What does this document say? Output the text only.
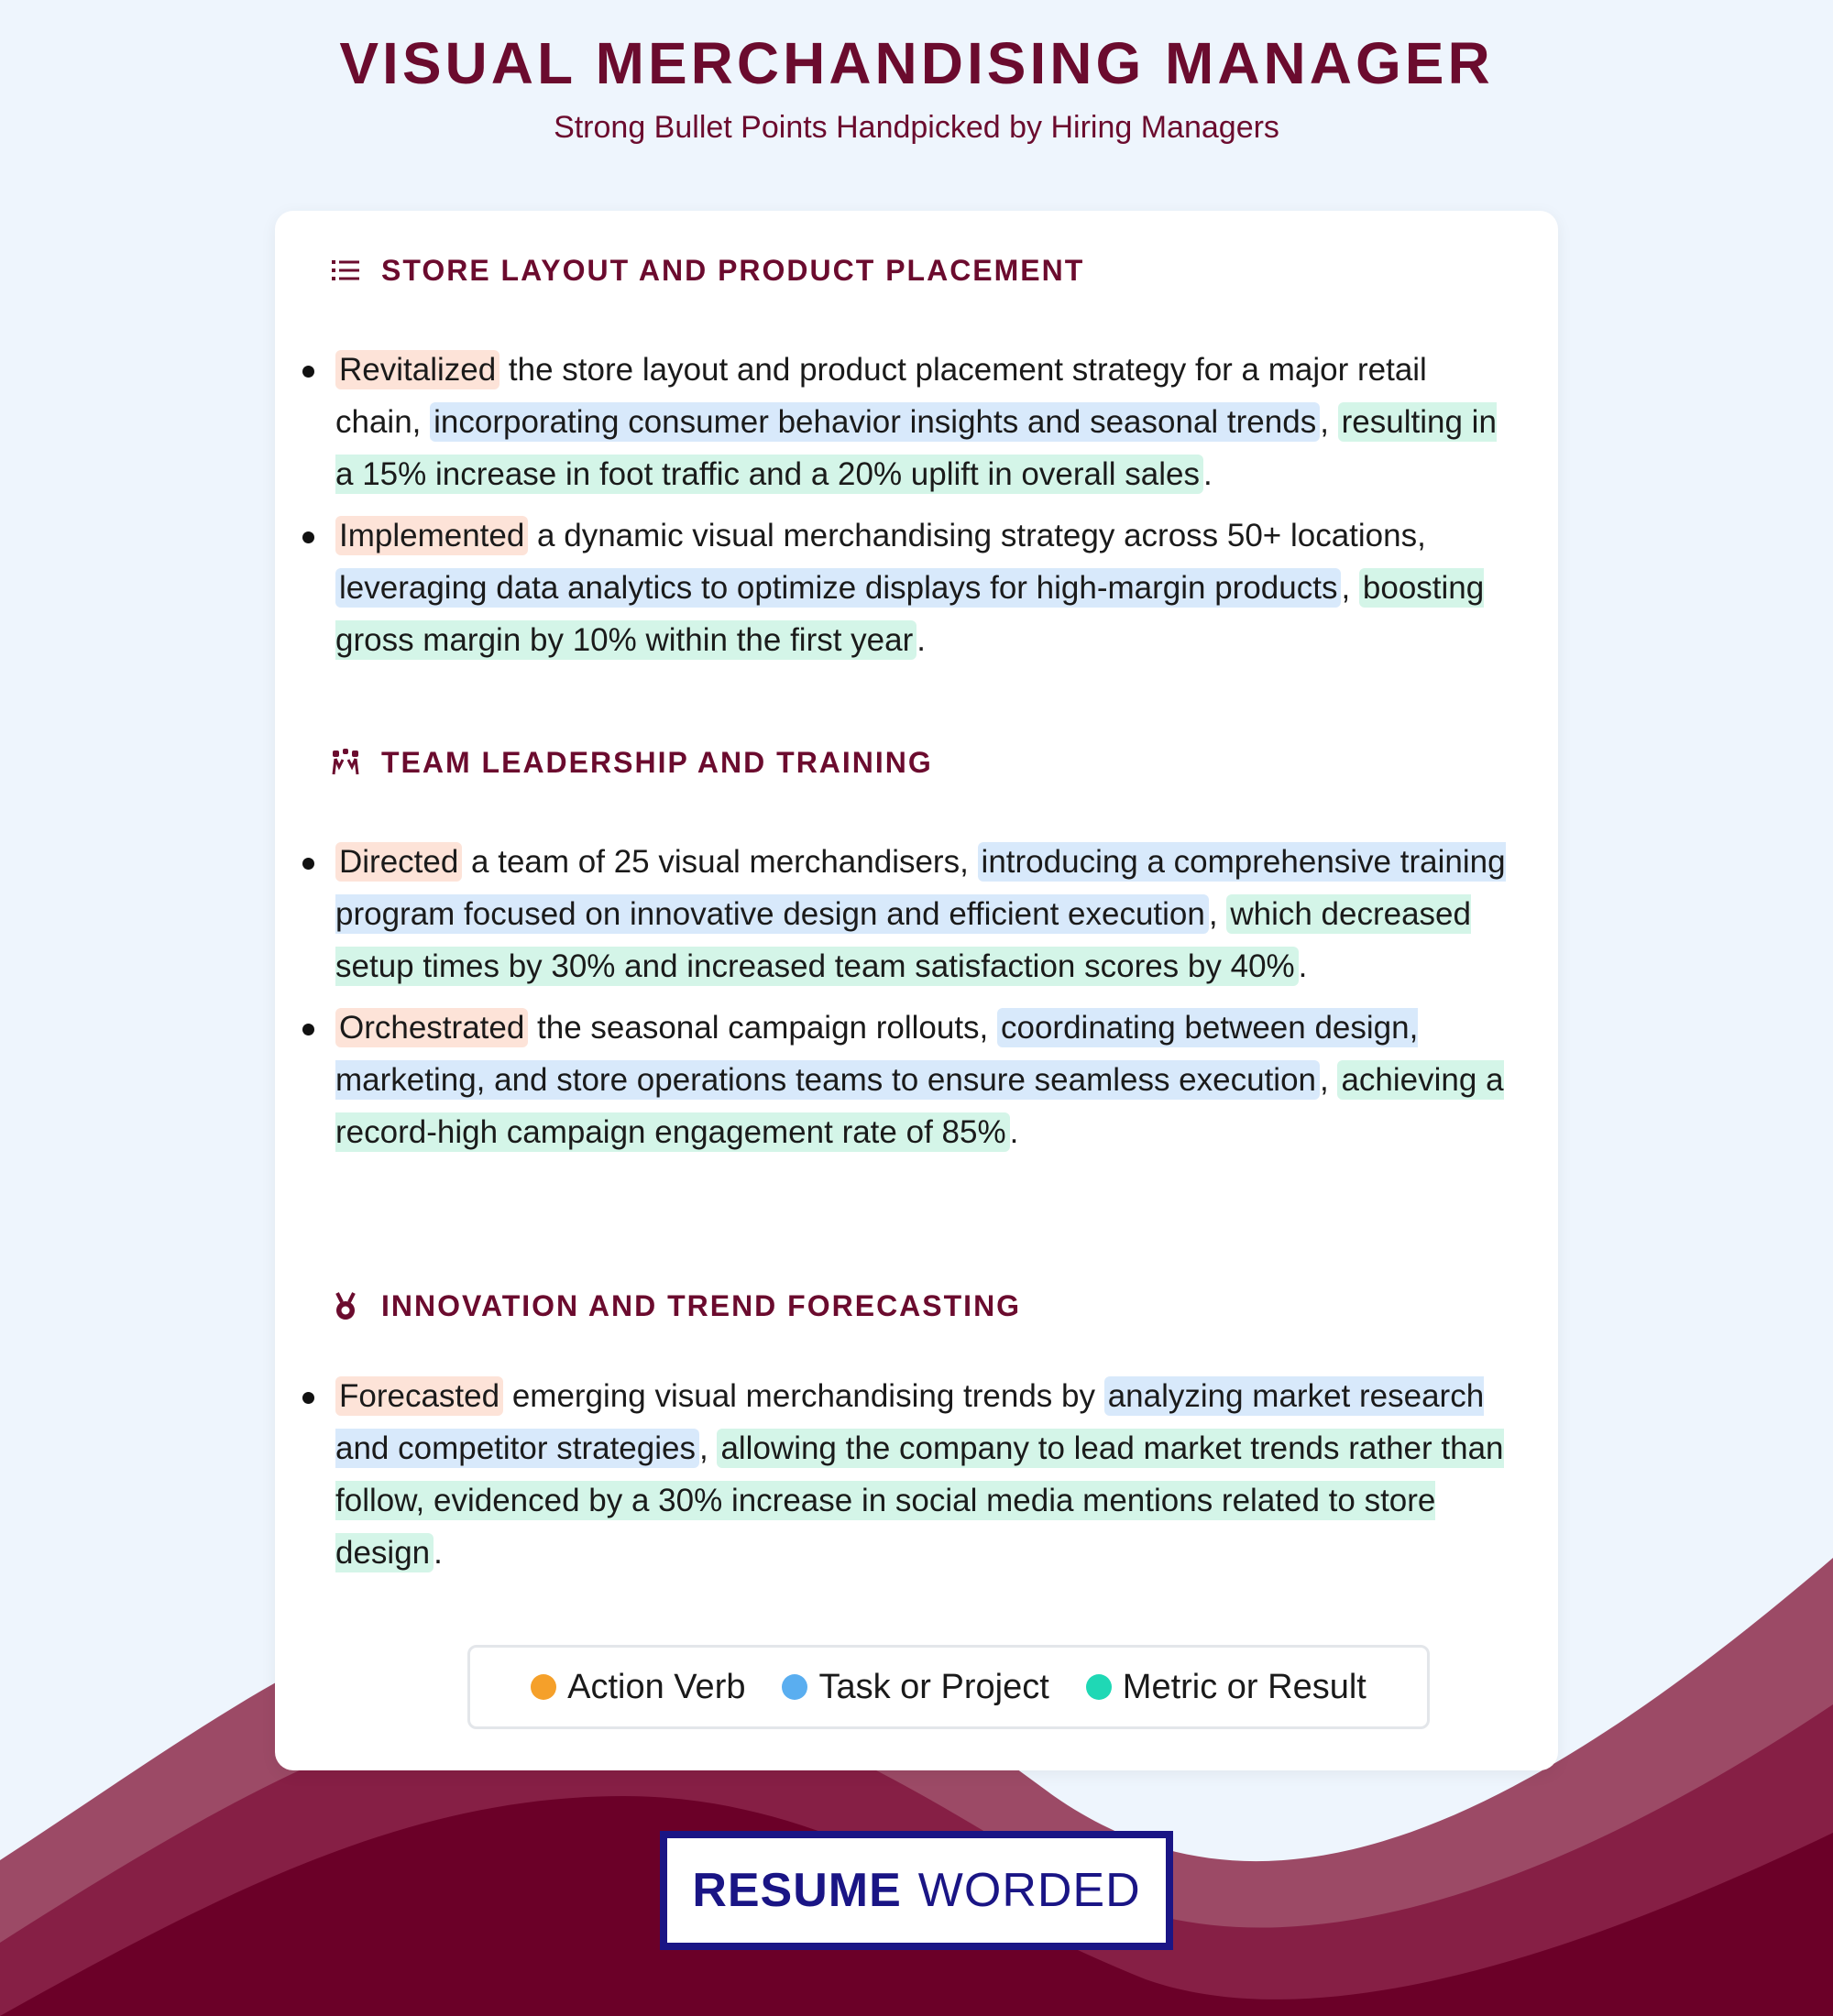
VISUAL MERCHANDISING MANAGER
Strong Bullet Points Handpicked by Hiring Managers
STORE LAYOUT AND PRODUCT PLACEMENT
Revitalized the store layout and product placement strategy for a major retail chain, incorporating consumer behavior insights and seasonal trends , resulting in a 15% increase in foot traffic and a 20% uplift in overall sales .
Implemented a dynamic visual merchandising strategy across 50+ locations, leveraging data analytics to optimize displays for high-margin products , boosting gross margin by 10% within the first year .
TEAM LEADERSHIP AND TRAINING
Directed a team of 25 visual merchandisers, introducing a comprehensive training program focused on innovative design and efficient execution , which decreased setup times by 30% and increased team satisfaction scores by 40% .
Orchestrated the seasonal campaign rollouts, coordinating between design, marketing, and store operations teams to ensure seamless execution , achieving a record-high campaign engagement rate of 85% .
INNOVATION AND TREND FORECASTING
Forecasted emerging visual merchandising trends by analyzing market research and competitor strategies , allowing the company to lead market trends rather than follow, evidenced by a 30% increase in social media mentions related to store design .
Action Verb Task or Project Metric or Result
RESUME WORDED
